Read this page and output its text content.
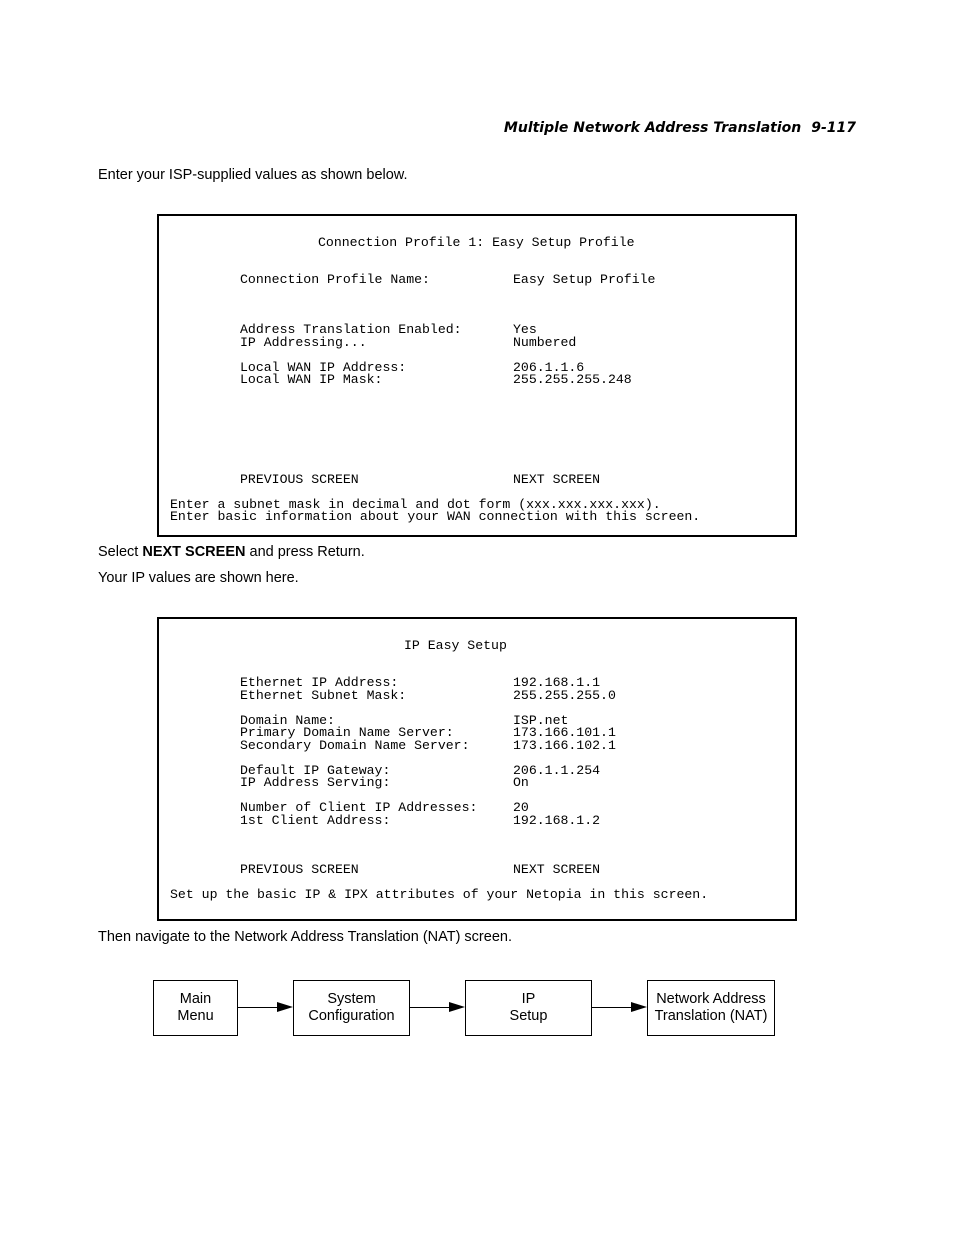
Multiple Network Address Translation 9-117
Enter your ISP-supplied values as shown below.
Connection Profile 1: Easy Setup Profile
Connection Profile Name:	Easy Setup Profile
Address Translation Enabled:	Yes
IP Addressing...	Numbered
Local WAN IP Address:	206.1.1.6
Local WAN IP Mask:	255.255.255.248
PREVIOUS SCREEN	NEXT SCREEN
Enter a subnet mask in decimal and dot form (xxx.xxx.xxx.xxx).
Enter basic information about your WAN connection with this screen.
Select NEXT SCREEN and press Return.
Your IP values are shown here.
IP Easy Setup
Ethernet IP Address:	192.168.1.1
Ethernet Subnet Mask:	255.255.255.0
Domain Name:	ISP.net
Primary Domain Name Server:	173.166.101.1
Secondary Domain Name Server:	173.166.102.1
Default IP Gateway:	206.1.1.254
IP Address Serving:	On
Number of Client IP Addresses:	20
1st Client Address:	192.168.1.2
PREVIOUS SCREEN	NEXT SCREEN
Set up the basic IP & IPX attributes of your Netopia in this screen.
Then navigate to the Network Address Translation (NAT) screen.
Main
Menu
System
Configuration
IP
Setup
Network Address
Translation (NAT)
